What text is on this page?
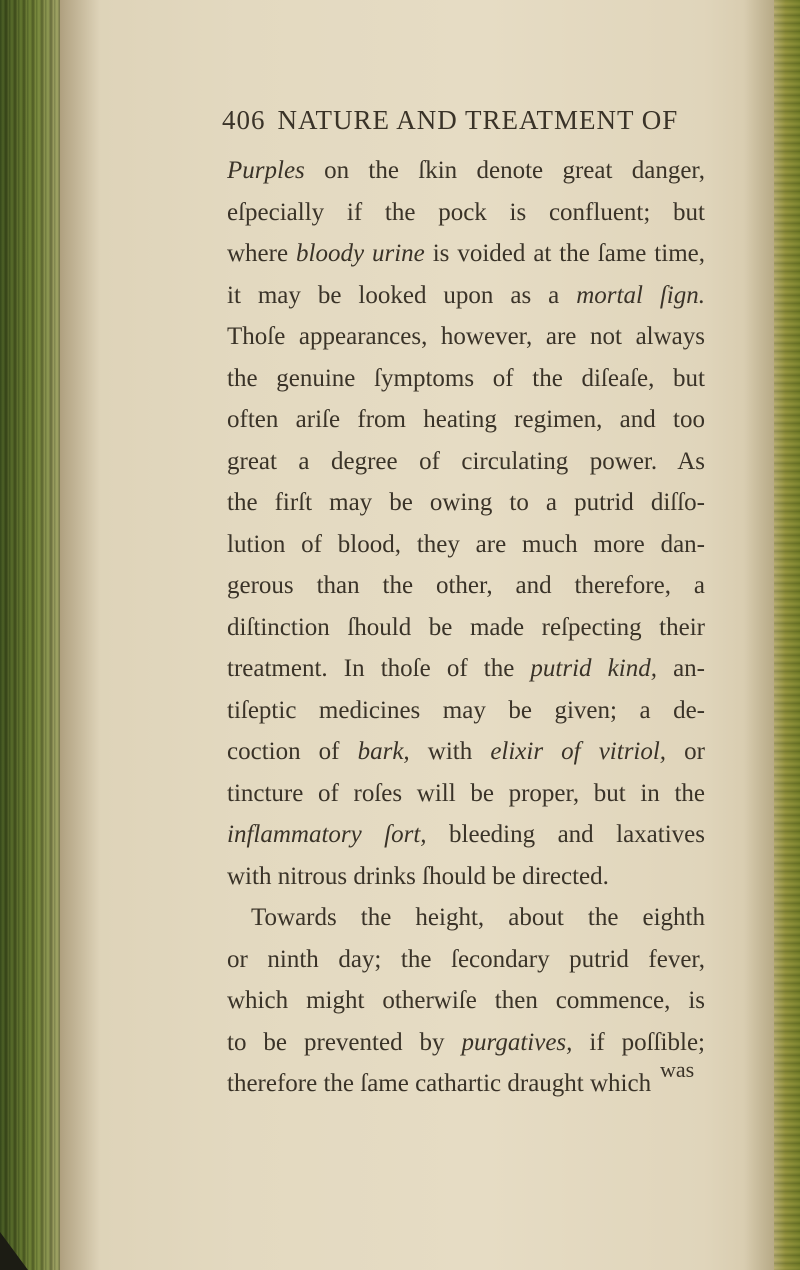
406 NATURE AND TREATMENT OF
Purples on the ſkin denote great danger,
eſpecially if the pock is confluent; but
where bloody urine is voided at the ſame time,
it may be looked upon as a mortal ſign.
Thoſe appearances, however, are not always
the genuine ſymptoms of the diſeaſe, but
often ariſe from heating regimen, and too
great a degree of circulating power. As
the firſt may be owing to a putrid diſſo-
lution of blood, they are much more dan-
gerous than the other, and therefore, a
diſtinction ſhould be made reſpecting their
treatment. In thoſe of the putrid kind, an-
tiſeptic medicines may be given; a de-
coction of bark, with elixir of vitriol, or
tincture of roſes will be proper, but in the
inflammatory ſort, bleeding and laxatives
with nitrous drinks ſhould be directed.
Towards the height, about the eighth
or ninth day; the ſecondary putrid fever,
which might otherwiſe then commence, is
to be prevented by purgatives, if poſſible;
therefore the ſame cathartic draught which
was
